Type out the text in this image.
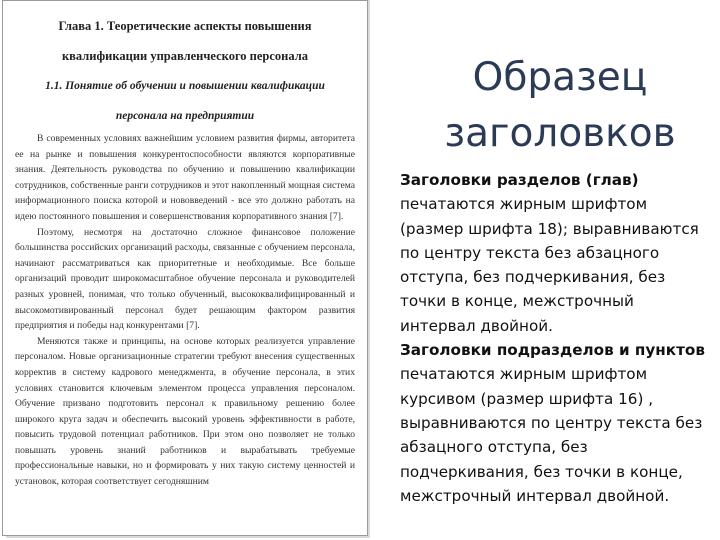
Глава 1. Теоретические аспекты повышения
квалификации управленческого персонала
1.1. Понятие об обучении и повышении квалификации
персонала на предприятии

В современных условиях важнейшим условием развития фирмы, авторитета ее на рынке и повышения конкурентоспособности являются корпоративные знания. Деятельность руководства по обучению и повышению квалификации сотрудников, собственные ранги сотрудников и этот накопленный мощная система информационного поиска которой и нововведений - все это должно работать на идею постоянного повышения и совершенствования корпоративного знания [7].

Поэтому, несмотря на достаточно сложное финансовое положение большинства российских организаций расходы, связанные с обучением персонала, начинают рассматриваться как приоритетные и необходимые. Все больше организаций проводит широкомасштабное обучение персонала и руководителей разных уровней, понимая, что только обученный, высококвалифицированный и высокомотивированный персонал будет решающим фактором развития предприятия и победы над конкурентами [7].

Меняются также и принципы, на основе которых реализуется управление персоналом. Новые организационные стратегии требуют внесения существенных корректив в систему кадрового менеджмента, в обучение персонала, в этих условиях становится ключевым элементом процесса управления персоналом. Обучение призвано подготовить персонал к правильному решению более широкого круга задач и обеспечить высокий уровень эффективности в работе, повысить трудовой потенциал работников. При этом оно позволяет не только повышать уровень знаний работников и вырабатывать требуемые профессиональные навыки, но и формировать у них такую систему ценностей и установок, которая соответствует сегодняшним

Образец
заголовков
Заголовки разделов (глав) печатаются жирным шрифтом (размер шрифта 18); выравниваются по центру текста без абзацного отступа, без подчеркивания, без точки в конце, межстрочный интервал двойной.
Заголовки подразделов и пунктов печатаются жирным шрифтом курсивом (размер шрифта 16) , выравниваются по центру текста без абзацного отступа, без подчеркивания, без точки в конце, межстрочный интервал двойной.
